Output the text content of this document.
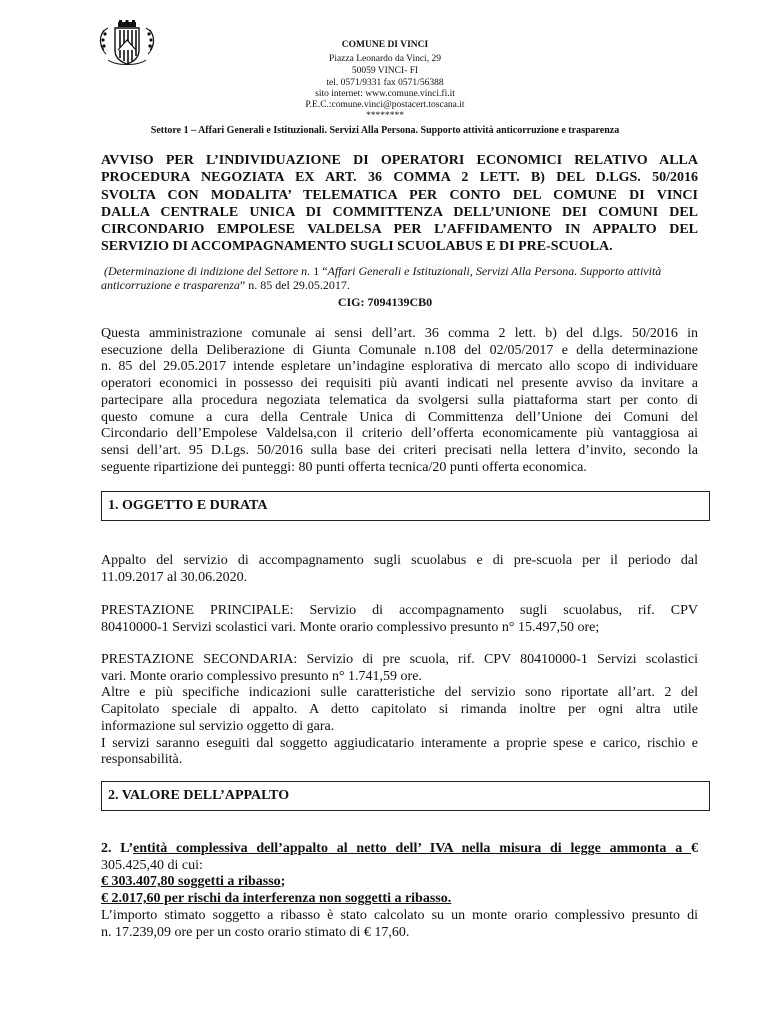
COMUNE DI VINCI
Piazza Leonardo da Vinci, 29
50059 VINCI- FI
tel. 0571/9331 fax 0571/56388
sito internet: www.comune.vinci.fi.it
P.E.C.:comune.vinci@postacert.toscana.it
********
Settore 1 – Affari Generali e Istituzionali. Servizi Alla Persona. Supporto attività anticorruzione e trasparenza
AVVISO PER L’INDIVIDUAZIONE DI OPERATORI ECONOMICI RELATIVO ALLA
PROCEDURA NEGOZIATA EX ART. 36 COMMA 2 LETT. B) DEL D.LGS. 50/2016
SVOLTA CON MODALITA’ TELEMATICA PER CONTO DEL COMUNE DI VINCI
DALLA CENTRALE UNICA DI COMMITTENZA DELL’UNIONE DEI COMUNI DEL
CIRCONDARIO EMPOLESE VALDELSA PER L’AFFIDAMENTO IN APPALTO DEL
SERVIZIO DI ACCOMPAGNAMENTO SUGLI SCUOLABUS E DI PRE-SCUOLA.
(Determinazione di indizione del Settore n. 1 “Affari Generali e Istituzionali, Servizi Alla Persona. Supporto attività
anticorruzione e trasparenza” n. 85 del 29.05.2017.
CIG: 7094139CB0
Questa amministrazione comunale ai sensi dell’art. 36 comma 2 lett. b) del d.lgs. 50/2016 in
esecuzione della Deliberazione di Giunta Comunale n.108 del 02/05/2017 e della determinazione
n. 85 del 29.05.2017 intende espletare un’indagine esplorativa di mercato allo scopo di individuare
operatori economici in possesso dei requisiti più avanti indicati nel presente avviso da invitare a
partecipare alla procedura negoziata telematica da svolgersi sulla piattaforma start per conto di
questo comune a cura della Centrale Unica di Committenza dell’Unione dei Comuni del
Circondario dell’Empolese Valdelsa,con il criterio dell’offerta economicamente più vantaggiosa ai
sensi dell’art. 95 D.Lgs. 50/2016 sulla base dei criteri precisati nella lettera d’invito, secondo la
seguente ripartizione dei punteggi: 80 punti offerta tecnica/20 punti offerta economica.
1. OGGETTO E DURATA
Appalto del servizio di accompagnamento sugli scuolabus e di pre-scuola per il periodo dal
11.09.2017 al 30.06.2020.
PRESTAZIONE PRINCIPALE: Servizio di accompagnamento sugli scuolabus, rif. CPV
80410000-1 Servizi scolastici vari. Monte orario complessivo presunto n° 15.497,50 ore;
PRESTAZIONE SECONDARIA: Servizio di pre scuola, rif. CPV 80410000-1 Servizi scolastici
vari. Monte orario complessivo presunto n° 1.741,59 ore.
Altre e più specifiche indicazioni sulle caratteristiche del servizio sono riportate all’art. 2 del
Capitolato speciale di appalto. A detto capitolato si rimanda inoltre per ogni altra utile
informazione sul servizio oggetto di gara.
I servizi saranno eseguiti dal soggetto aggiudicatario interamente a proprie spese e carico, rischio e
responsabilità.
2. VALORE DELL’APPALTO
2. L’entità complessiva dell’appalto al netto dell’ IVA nella misura di legge ammonta a €
305.425,40 di cui:
€ 303.407,80 soggetti a ribasso;
€ 2.017,60 per rischi da interferenza non soggetti a ribasso.
L’importo stimato soggetto a ribasso è stato calcolato su un monte orario complessivo presunto di
n. 17.239,09 ore per un costo orario stimato di € 17,60.
